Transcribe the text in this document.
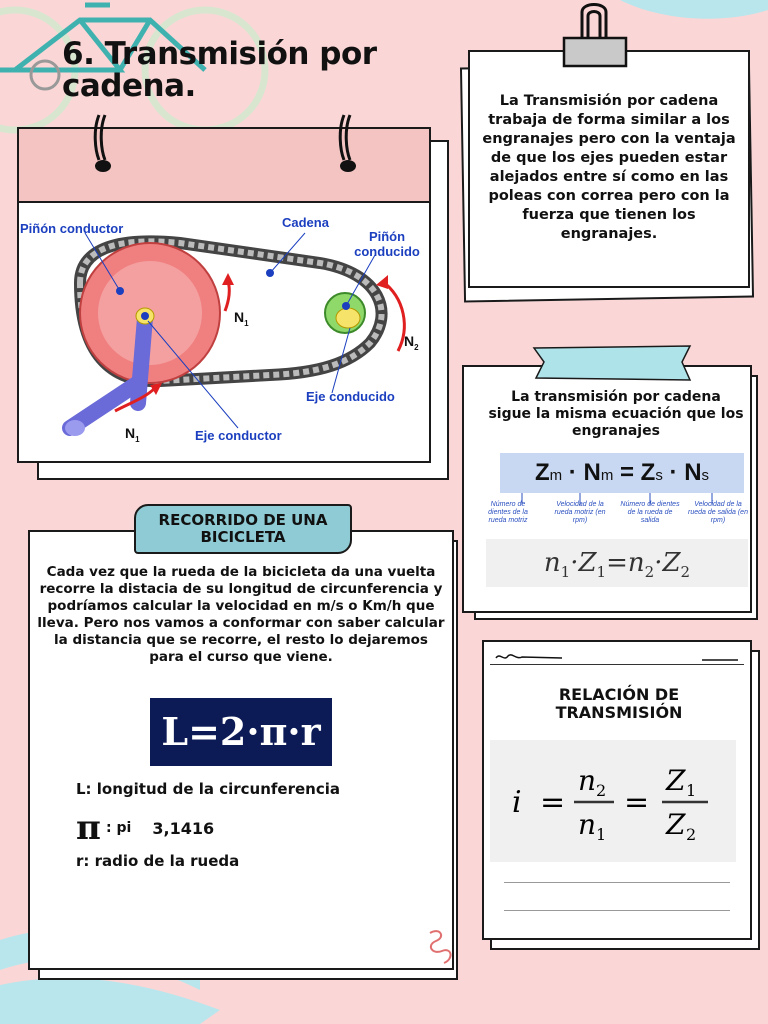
6. Transmisión por cadena.
Piñón conductor	Cadena
Piñón conducido
$N_1$
$N_2$
Eje conducido
Eje conductor
$N_1$
La Transmisión por cadena trabaja de forma similar a los engranajes pero con la ventaja de que los ejes pueden estar alejados entre sí como en las poleas con correa pero con la fuerza que tienen los engranajes.
La transmisión por cadena sigue la misma ecuación que los engranajes
Zm · Nm = Zs · Ns
Número de dientes de la rueda motriz
Velocidad de la rueda motriz (en rpm)
Número de dientes de la rueda de salida
Velocidad de la rueda de salida (en rpm)
$n_1\cdot Z_1=n_2\cdot Z_2$
Cada vez que la rueda de la bicicleta da una vuelta recorre la distacia de su longitud de circunferencia y podríamos calcular la velocidad en m/s o Km/h que lleva. Pero nos vamos a conformar con saber calcular la distancia que se recorre, el resto lo dejaremos para el curso que viene.
L=2·π·r
L: longitud de la circunferencia
π : pi 3,1416
r: radio de la rueda
RECORRIDO DE UNA BICICLETA
RELACIÓN DE TRANSMISIÓN
i =
n 2
n 1
=
Z 1
Z 2
